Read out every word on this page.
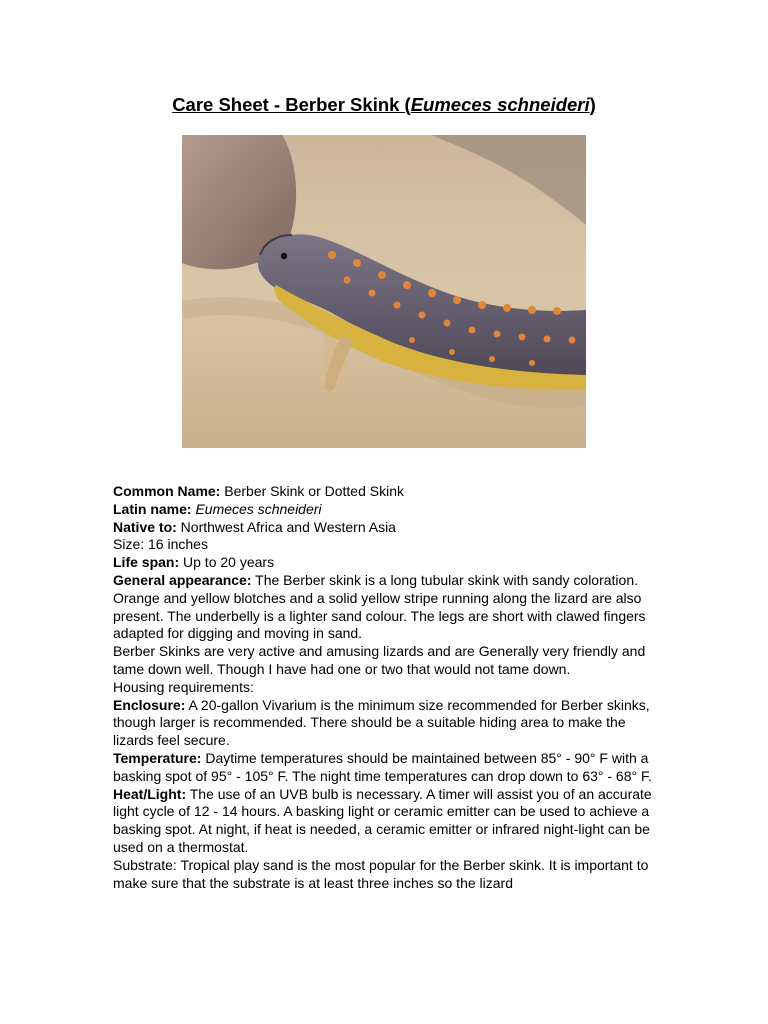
Care Sheet - Berber Skink (Eumeces schneideri)

Common Name: Berber Skink or Dotted Skink

Latin name: Eumeces schneideri

Native to: Northwest Africa and Western Asia

Size: 16 inches

Life span: Up to 20 years

General appearance: The Berber skink is a long tubular skink with sandy coloration. Orange and yellow blotches and a solid yellow stripe running along the lizard are also present. The underbelly is a lighter sand colour. The legs are short with clawed fingers adapted for digging and moving in sand.

Berber Skinks are very active and amusing lizards and are Generally very friendly and tame down well. Though I have had one or two that would not tame down.

Housing requirements:

Enclosure: A 20-gallon Vivarium is the minimum size recommended for Berber skinks, though larger is recommended. There should be a suitable hiding area to make the lizards feel secure.

Temperature: Daytime temperatures should be maintained between 85° - 90° F with a basking spot of 95° - 105° F. The night time temperatures can drop down to 63° - 68° F.

Heat/Light: The use of an UVB bulb is necessary. A timer will assist you of an accurate light cycle of 12 - 14 hours. A basking light or ceramic emitter can be used to achieve a basking spot. At night, if heat is needed, a ceramic emitter or infrared night-light can be used on a thermostat.

Substrate: Tropical play sand is the most popular for the Berber skink. It is important to make sure that the substrate is at least three inches so the lizard
